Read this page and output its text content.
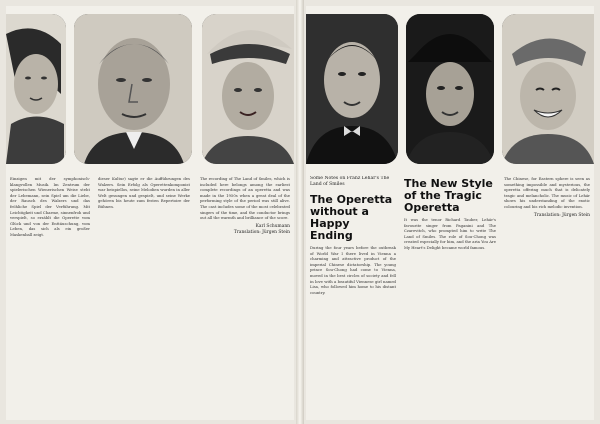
Einzigen mit der symphonisch-klangvollen Musik. Im Zentrum der spielerischen Wienerischen Weise steht der Lebemann, sein Spiel um die Liebe, der Rausch des Walzers und das fröhliche Spiel der Verführung. Mit Leichtigkeit und Charme, sinnenfroh und verspielt, so erzählt die Operette vom Glück und von der Enttäuschung, vom Leben, das sich als ein großer Maskenball zeigt.

dieser Kultur) sagte er die Aufführungen des Walzers. Sein Erfolg als Operettenkomponist war beispiellos, seine Melodien wurden in aller Welt gesungen und gespielt, und seine Werke gehören bis heute zum festen Repertoire der Bühnen.

The recording of The Land of Smiles, which is included here belongs among the earliest complete recordings of an operetta and was made in the 1950s when a great deal of the performing style of the period was still alive. The cast includes some of the most celebrated singers of the time, and the conductor brings out all the warmth and brilliance of the score.

Karl Schumann
Translation: Jürgen Stein
Some Notes on Franz Lehár's The Land of Smiles
The Operetta without a Happy Ending

During the four years before the outbreak of World War I there lived in Vienna a charming and attractive product of the imperial Chinese dictatorship. The young prince Sou-Chong had come to Vienna, moved in the best circles of society and fell in love with a beautiful Viennese girl named Lisa, who followed him home to his distant country.

The New Style of the Tragic Operetta

It was the tenor Richard Tauber, Lehár's favourite singer from Paganini and The Czarevitch, who prompted him to write The Land of Smiles. The role of Sou-Chong was created especially for him, and the aria You Are My Heart's Delight became world famous.

The Chinese, for Eastern sphere is seen as something impossible and mysterious, the operetta offering much that is delicately tragic and melancholic. The music of Lehár shows his understanding of the exotic colouring and his rich melodic invention.

Translation: Jürgen Stein
